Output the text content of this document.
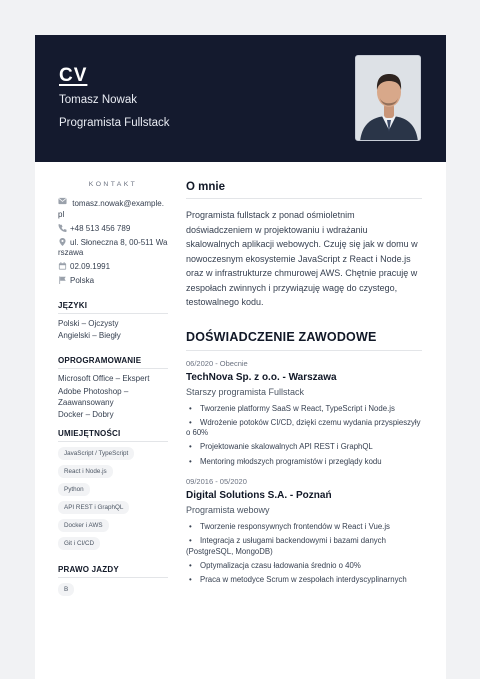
CV
Tomasz Nowak
Programista Fullstack
KONTAKT
tomasz.nowak@example.pl
+48 513 456 789
ul. Słoneczna 8, 00-511 Warszawa
02.09.1991
Polska
JĘZYKI
Polski – Ojczysty
Angielski – Biegły
OPROGRAMOWANIE
Microsoft Office – Ekspert
Adobe Photoshop – Zaawansowany
Docker – Dobry
UMIEJĘTNOŚCI
JavaScript / TypeScript
React i Node.js
Python
API REST i GraphQL
Docker i AWS
Git i CI/CD
PRAWO JAZDY
B
O mnie
Programista fullstack z ponad ośmioletnim doświadczeniem w projektowaniu i wdrażaniu skalowalnych aplikacji webowych. Czuję się jak w domu w nowoczesnym ekosystemie JavaScript z React i Node.js oraz w infrastrukturze chmurowej AWS. Chętnie pracuję w zespołach zwinnych i przywiązuję wagę do czystego, testowalnego kodu.
DOŚWIADCZENIE ZAWODOWE
06/2020 - Obecnie
TechNova Sp. z o.o. - Warszawa
Starszy programista Fullstack
• Tworzenie platformy SaaS w React, TypeScript i Node.js
• Wdrożenie potoków CI/CD, dzięki czemu wydania przyspieszyły o 60%
• Projektowanie skalowalnych API REST i GraphQL
• Mentoring młodszych programistów i przeglądy kodu
09/2016 - 05/2020
Digital Solutions S.A. - Poznań
Programista webowy
• Tworzenie responsywnych frontendów w React i Vue.js
• Integracja z usługami backendowymi i bazami danych (PostgreSQL, MongoDB)
• Optymalizacja czasu ładowania średnio o 40%
• Praca w metodyce Scrum w zespołach interdyscyplinarnych
